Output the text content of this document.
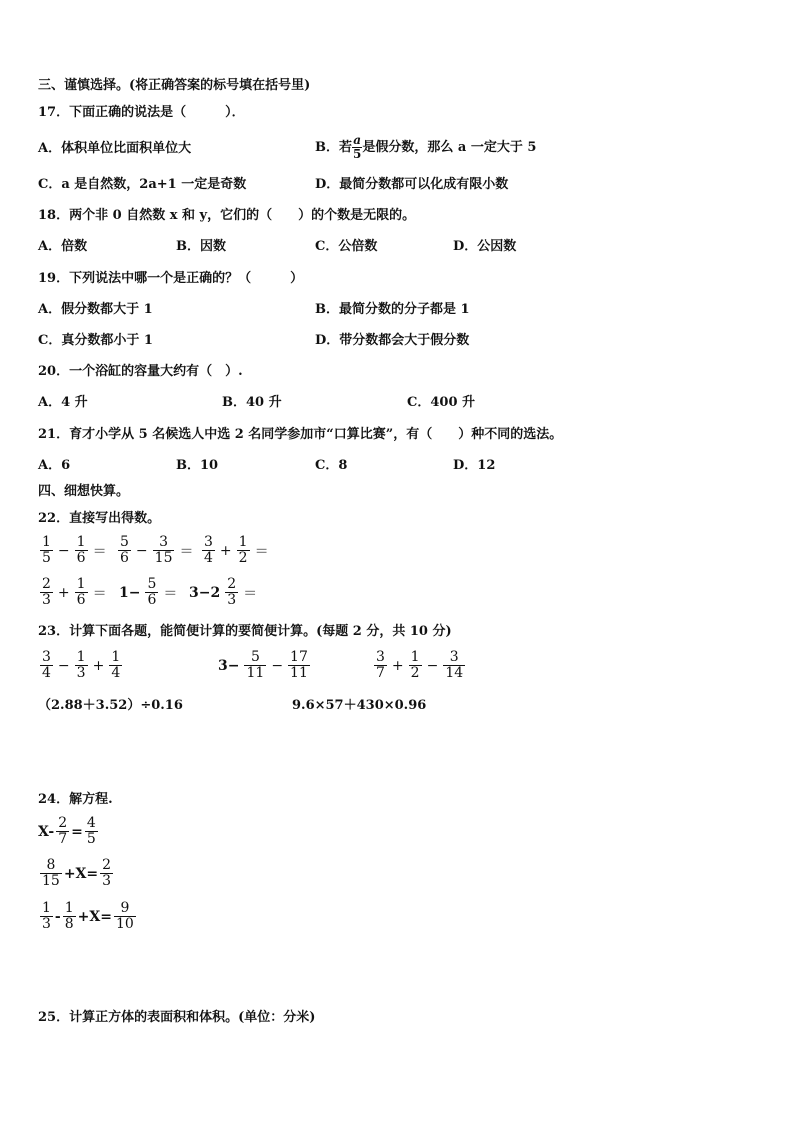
三、谨慎选择。(将正确答案的标号填在括号里)
17．下面正确的说法是（　　　）．
A．体积单位比面积单位大	B．若 $\frac{a}{5}$ 是假分数，那么 a 一定大于 5
C．a 是自然数，2a+1 一定是奇数	D．最简分数都可以化成有限小数
18．两个非 0 自然数 x 和 y，它们的（　　）的个数是无限的。
A．倍数	B．因数	C．公倍数	D．公因数
19．下列说法中哪一个是正确的？（　　　）
A．假分数都大于 1	B．最简分数的分子都是 1
C．真分数都小于 1	D．带分数都会大于假分数
20．一个浴缸的容量大约有（　）.
A．4 升	B．40 升	C．400 升
21．育才小学从 5 名候选人中选 2 名同学参加市“口算比赛”，有（　　）种不同的选法。
A．6	B．10	C．8	D．12
四、细想快算。
22．直接写出得数。
$\frac{1}{5} - \frac{1}{6} = \frac{5}{6} - \frac{3}{15} = \frac{3}{4} + \frac{1}{2}$ ＝
$\frac{2}{3} + \frac{1}{6} = 1- \frac{5}{6} = 3-2 \frac{2}{3}$ ＝
23．计算下面各题，能简便计算的要简便计算。(每题 2 分，共 10 分)
$\frac{3}{4} - \frac{1}{3} + \frac{1}{4}$	$3- \frac{5}{11} - \frac{17}{11}$	$\frac{3}{7} + \frac{1}{2} - \frac{3}{14}$
（2.88＋3.52）÷0.16	9.6×57＋430×0.96
24．解方程.
$X- \frac{2}{7} = \frac{4}{5}$
$\frac{8}{15} +X= \frac{2}{3}$
$\frac{1}{3} - \frac{1}{8} +X= \frac{9}{10}$
25．计算正方体的表面积和体积。(单位：分米)
